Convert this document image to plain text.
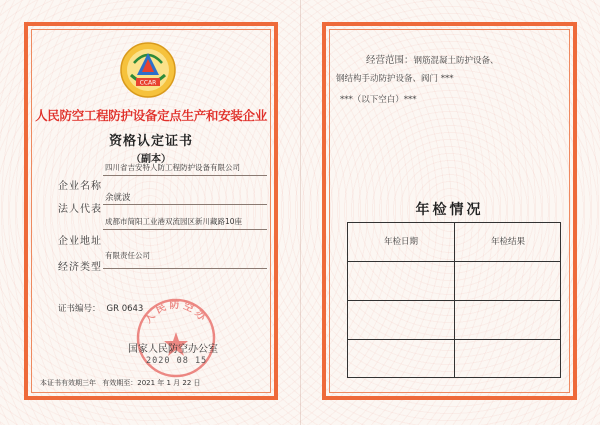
CCAR
人民防空工程防护设备定点生产和安装企业
资格认定证书
（副本）
企业名称
四川省吉安特人防工程防护设备有限公司
法人代表
余就波
企业地址
成都市简阳工业港双流园区新川藏路10座
经济类型
有限责任公司
证书编号： GR 0643 人民防空办
国家人民防空办公室
2020 08 15
本证书有效期三年 有效期至：2021 年 1 月 22 日
经营范围：钢筋混凝土防护设备、
钢结构手动防护设备、阀门 ***
***（以下空白）***
年检情况
年检日期	年检结果
